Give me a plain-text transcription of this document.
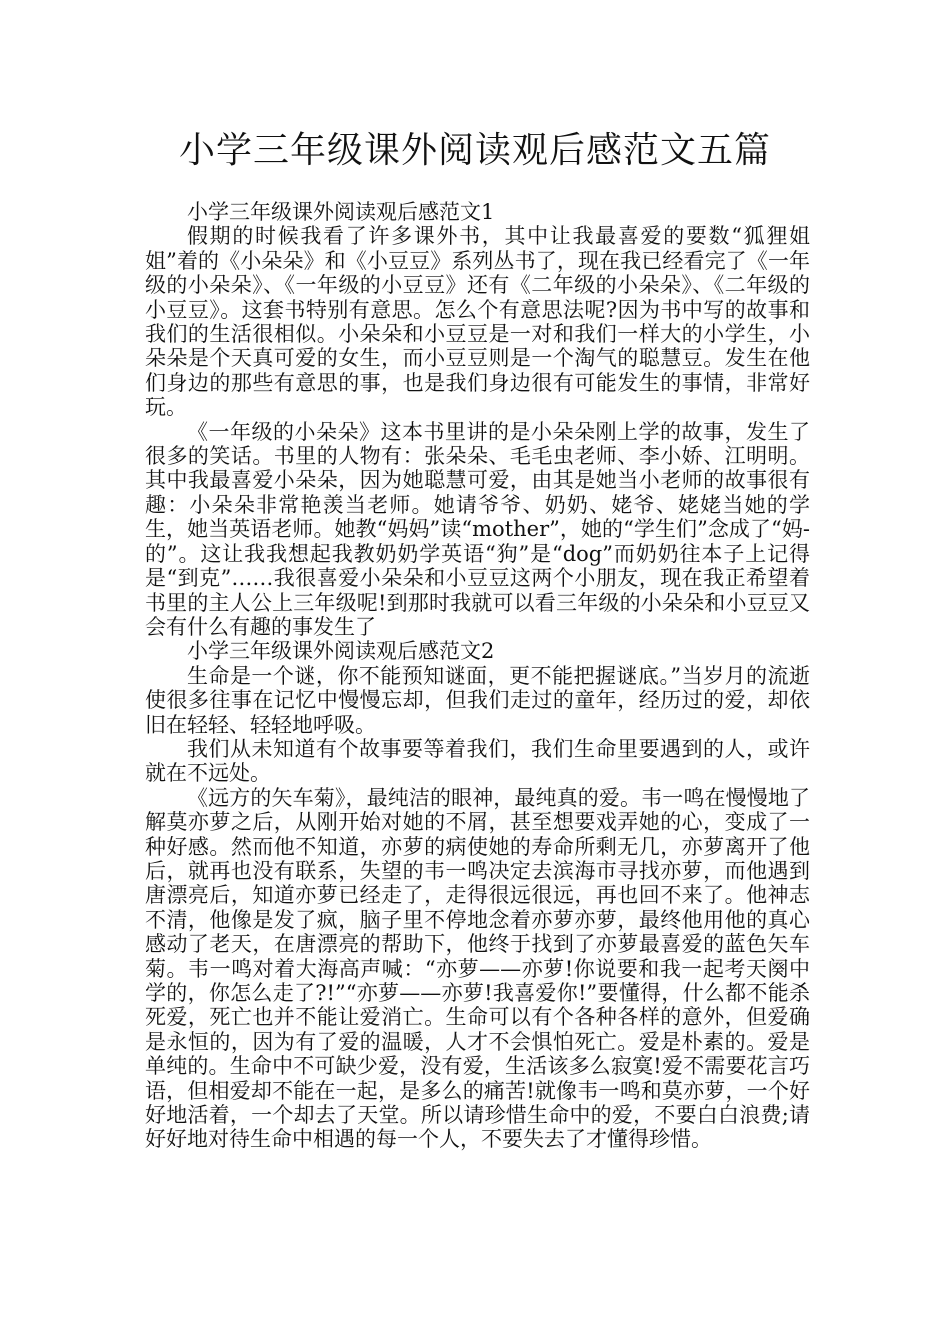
小学三年级课外阅读观后感范文五篇

小学三年级课外阅读观后感范文1

假期的时候我看了许多课外书，其中让我最喜爱的要数“狐狸姐姐”着的《小朵朵》和《小豆豆》系列丛书了，现在我已经看完了《一年级的小朵朵》、《一年级的小豆豆》还有《二年级的小朵朵》、《二年级的小豆豆》。这套书特别有意思。怎么个有意思法呢?因为书中写的故事和我们的生活很相似。小朵朵和小豆豆是一对和我们一样大的小学生，小朵朵是个天真可爱的女生，而小豆豆则是一个淘气的聪慧豆。发生在他们身边的那些有意思的事，也是我们身边很有可能发生的事情，非常好玩。

《一年级的小朵朵》这本书里讲的是小朵朵刚上学的故事，发生了很多的笑话。书里的人物有：张朵朵、毛毛虫老师、李小娇、江明明。其中我最喜爱小朵朵，因为她聪慧可爱，由其是她当小老师的故事很有趣：小朵朵非常艳羡当老师。她请爷爷、奶奶、姥爷、姥姥当她的学生，她当英语老师。她教“妈妈”读“mother”，她的“学生们”念成了“妈-的”。这让我我想起我教奶奶学英语“狗”是“dog”而奶奶往本子上记得是“到克”……我很喜爱小朵朵和小豆豆这两个小朋友，现在我正希望着书里的主人公上三年级呢!到那时我就可以看三年级的小朵朵和小豆豆又会有什么有趣的事发生了

小学三年级课外阅读观后感范文2

生命是一个谜，你不能预知谜面，更不能把握谜底。”当岁月的流逝使很多往事在记忆中慢慢忘却，但我们走过的童年，经历过的爱，却依旧在轻轻、轻轻地呼吸。

我们从未知道有个故事要等着我们，我们生命里要遇到的人，或许就在不远处。

《远方的矢车菊》，最纯洁的眼神，最纯真的爱。韦一鸣在慢慢地了解莫亦萝之后，从刚开始对她的不屑，甚至想要戏弄她的心，变成了一种好感。然而他不知道，亦萝的病使她的寿命所剩无几，亦萝离开了他后，就再也没有联系，失望的韦一鸣决定去滨海市寻找亦萝，而他遇到唐漂亮后，知道亦萝已经走了，走得很远很远，再也回不来了。他神志不清，他像是发了疯，脑子里不停地念着亦萝亦萝，最终他用他的真心感动了老天，在唐漂亮的帮助下，他终于找到了亦萝最喜爱的蓝色矢车菊。韦一鸣对着大海高声喊：“亦萝——亦萝!你说要和我一起考天阕中学的，你怎么走了?!”“亦萝——亦萝!我喜爱你!”要懂得，什么都不能杀死爱，死亡也并不能让爱消亡。生命可以有个各种各样的意外，但爱确是永恒的，因为有了爱的温暖，人才不会惧怕死亡。爱是朴素的。爱是单纯的。生命中不可缺少爱，没有爱，生活该多么寂寞!爱不需要花言巧语，但相爱却不能在一起，是多么的痛苦!就像韦一鸣和莫亦萝，一个好好地活着，一个却去了天堂。所以请珍惜生命中的爱，不要白白浪费;请好好地对待生命中相遇的每一个人，不要失去了才懂得珍惜。
